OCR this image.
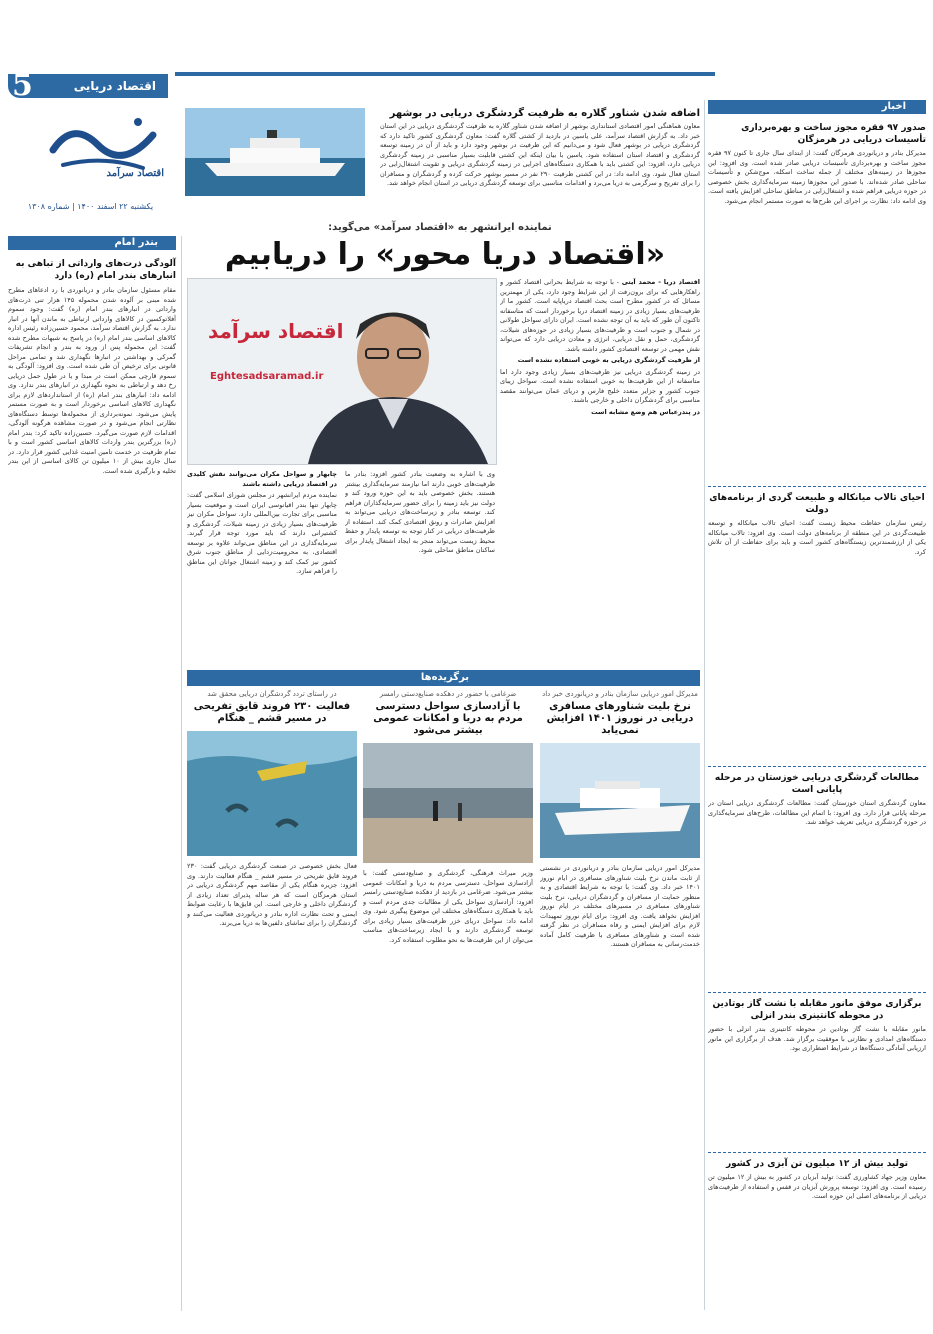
5	اقتصاد دریایی
اقتصاد سرآمد
یکشنبه ۲۲ اسفند ۱۴۰۰ | شماره ۱۳۰۸
اضافه شدن شناور گلاره به ظرفیت گردشگری دریایی در بوشهر
معاون هماهنگی امور اقتصادی استانداری بوشهر از اضافه شدن شناور گلاره به ظرفیت گردشگری دریایی در این استان خبر داد. به گزارش اقتصاد سرآمد، علی یاسین در بازدید از کشتی گلاره گفت: معاون گردشگری کشور تاکید دارد که گردشگری دریایی در بوشهر فعال شود و می‌دانیم که این ظرفیت در بوشهر وجود دارد و باید از آن در زمینه توسعه گردشگری و اقتصاد استان استفاده شود. یاسین با بیان اینکه این کشتی قابلیت بسیار مناسبی در زمینه گردشگری دریایی دارد، افزود: این کشتی باید با همکاری دستگاه‌های اجرایی در زمینه گردشگری دریایی و تقویت اشتغال‌زایی در استان فعال شود. وی ادامه داد: در این کشتی ظرفیت ۲۹۰ نفر در مسیر بوشهر حرکت کرده و گردشگران و مسافران را برای تفریح و سرگرمی به دریا می‌برد و اقدامات مناسبی برای توسعه گردشگری دریایی در استان انجام خواهد شد.
نماینده ایرانشهر به «اقتصاد سرآمد» می‌گوید:
«اقتصاد دریا محور» را دریابیم
اقتصاد سرآمد
Eghtesadsaramad.ir

اقتصاد دریا - محمد آیتی - با توجه به شرایط بحرانی اقتصاد کشور و راهکارهایی که برای برون‌رفت از این شرایط وجود دارد، یکی از مهمترین مسائل که در کشور مطرح است بحث اقتصاد دریاپایه است. کشور ما از ظرفیت‌های بسیار زیادی در زمینه اقتصاد دریا برخوردار است که متاسفانه تاکنون آن طور که باید به آن توجه نشده است. ایران دارای سواحل طولانی در شمال و جنوب است و ظرفیت‌های بسیار زیادی در حوزه‌های شیلات، گردشگری، حمل و نقل دریایی، انرژی و معادن دریایی دارد که می‌تواند نقش مهمی در توسعه اقتصادی کشور داشته باشد.

از ظرفیت گردشگری دریایی به خوبی استفاده نشده است

در زمینه گردشگری دریایی نیز ظرفیت‌های بسیار زیادی وجود دارد اما متاسفانه از این ظرفیت‌ها به خوبی استفاده نشده است. سواحل زیبای جنوب کشور و جزایر متعدد خلیج فارس و دریای عمان می‌توانند مقصد مناسبی برای گردشگران داخلی و خارجی باشند.

در پندرعباس هم وضع مشابه است

وی با اشاره به وضعیت بنادر کشور افزود: بنادر ما ظرفیت‌های خوبی دارند اما نیازمند سرمایه‌گذاری بیشتر هستند. بخش خصوصی باید به این حوزه ورود کند و دولت نیز باید زمینه را برای حضور سرمایه‌گذاران فراهم کند. توسعه بنادر و زیرساخت‌های دریایی می‌تواند به افزایش صادرات و رونق اقتصادی کمک کند. استفاده از ظرفیت‌های دریایی در کنار توجه به توسعه پایدار و حفظ محیط زیست می‌تواند منجر به ایجاد اشتغال پایدار برای ساکنان مناطق ساحلی شود.

چابهار و سواحل مکران می‌توانند نقش کلیدی در اقتصاد دریایی داشته باشند

نماینده مردم ایرانشهر در مجلس شورای اسلامی گفت: چابهار تنها بندر اقیانوسی ایران است و موقعیت بسیار مناسبی برای تجارت بین‌المللی دارد. سواحل مکران نیز ظرفیت‌های بسیار زیادی در زمینه شیلات، گردشگری و کشتیرانی دارند که باید مورد توجه قرار گیرند. سرمایه‌گذاری در این مناطق می‌تواند علاوه بر توسعه اقتصادی، به محرومیت‌زدایی از مناطق جنوب شرق کشور نیز کمک کند و زمینه اشتغال جوانان این مناطق را فراهم سازد.

برگزیده‌ها
مدیرکل امور دریایی سازمان بنادر و دریانوردی خبر داد
نرخ بلیت شناورهای مسافری دریایی در نوروز ۱۴۰۱ افزایش نمی‌یابد
مدیرکل امور دریایی سازمان بنادر و دریانوردی در نشستی از ثابت ماندن نرخ بلیت شناورهای مسافری در ایام نوروز ۱۴۰۱ خبر داد. وی گفت: با توجه به شرایط اقتصادی و به منظور حمایت از مسافران و گردشگران دریایی، نرخ بلیت شناورهای مسافری در مسیرهای مختلف در ایام نوروز افزایش نخواهد یافت. وی افزود: برای ایام نوروز تمهیدات لازم برای افزایش ایمنی و رفاه مسافران در نظر گرفته شده است و شناورهای مسافری با ظرفیت کامل آماده خدمت‌رسانی به مسافران هستند.
ضرغامی با حضور در دهکده صنایع‌دستی رامسر
با آزادسازی سواحل دسترسی مردم به دریا و امکانات عمومی بیشتر می‌شود
وزیر میراث فرهنگی، گردشگری و صنایع‌دستی گفت: با آزادسازی سواحل، دسترسی مردم به دریا و امکانات عمومی بیشتر می‌شود. ضرغامی در بازدید از دهکده صنایع‌دستی رامسر افزود: آزادسازی سواحل یکی از مطالبات جدی مردم است و باید با همکاری دستگاه‌های مختلف این موضوع پیگیری شود. وی ادامه داد: سواحل دریای خزر ظرفیت‌های بسیار زیادی برای توسعه گردشگری دارند و با ایجاد زیرساخت‌های مناسب می‌توان از این ظرفیت‌ها به نحو مطلوب استفاده کرد.
در راستای تردد گردشگران دریایی محقق شد
فعالیت ۲۳۰ فروند قایق تفریحی در مسیر قشم _ هنگام
فعال بخش خصوصی در صنعت گردشگری دریایی گفت: ۲۳۰ فروند قایق تفریحی در مسیر قشم _ هنگام فعالیت دارند. وی افزود: جزیره هنگام یکی از مقاصد مهم گردشگری دریایی در استان هرمزگان است که هر ساله پذیرای تعداد زیادی از گردشگران داخلی و خارجی است. این قایق‌ها با رعایت ضوابط ایمنی و تحت نظارت اداره بنادر و دریانوردی فعالیت می‌کنند و گردشگران را برای تماشای دلفین‌ها به دریا می‌برند.
اخبار
صدور ۹۷ فقره مجوز ساخت و بهره‌برداری تأسیسات دریایی در هرمزگان
مدیرکل بنادر و دریانوردی هرمزگان گفت: از ابتدای سال جاری تا کنون ۹۷ فقره مجوز ساخت و بهره‌برداری تأسیسات دریایی صادر شده است. وی افزود: این مجوزها در زمینه‌های مختلف از جمله ساخت اسکله، موج‌شکن و تأسیسات ساحلی صادر شده‌اند. با صدور این مجوزها زمینه سرمایه‌گذاری بخش خصوصی در حوزه دریایی فراهم شده و اشتغال‌زایی در مناطق ساحلی افزایش یافته است. وی ادامه داد: نظارت بر اجرای این طرح‌ها به صورت مستمر انجام می‌شود.
احیای تالاب میانکاله و طبیعت گردی از برنامه‌های دولت
رئیس سازمان حفاظت محیط زیست گفت: احیای تالاب میانکاله و توسعه طبیعت‌گردی در این منطقه از برنامه‌های دولت است. وی افزود: تالاب میانکاله یکی از ارزشمندترین زیستگاه‌های کشور است و باید برای حفاظت از آن تلاش کرد.
مطالعات گردشگری دریایی خوزستان در مرحله پایانی است
معاون گردشگری استان خوزستان گفت: مطالعات گردشگری دریایی استان در مرحله پایانی قرار دارد. وی افزود: با اتمام این مطالعات، طرح‌های سرمایه‌گذاری در حوزه گردشگری دریایی تعریف خواهد شد.
برگزاری موفق مانور مقابله با نشت گاز بوتادین در محوطه کانتینری بندر انزلی
مانور مقابله با نشت گاز بوتادین در محوطه کانتینری بندر انزلی با حضور دستگاه‌های امدادی و نظارتی با موفقیت برگزار شد. هدف از برگزاری این مانور ارزیابی آمادگی دستگاه‌ها در شرایط اضطراری بود.
تولید بیش از ۱۲ میلیون تن آبزی در کشور
معاون وزیر جهاد کشاورزی گفت: تولید آبزیان در کشور به بیش از ۱۲ میلیون تن رسیده است. وی افزود: توسعه پرورش آبزیان در قفس و استفاده از ظرفیت‌های دریایی از برنامه‌های اصلی این حوزه است.
بندر امام
آلودگی ذرت‌های وارداتی از تباهی به انبارهای بندر امام (ره) دارد
مقام مسئول سازمان بنادر و دریانوردی با رد ادعاهای مطرح شده مبنی بر آلوده شدن محموله ۱۴۵ هزار تنی ذرت‌های وارداتی در انبارهای بندر امام (ره) گفت: وجود سموم آفلاتوکسین در کالاهای وارداتی ارتباطی به ماندن آنها در انبار ندارد. به گزارش اقتصاد سرآمد، محمود حسین‌زاده رئیس اداره کالاهای اساسی بندر امام (ره) در پاسخ به شبهات مطرح شده گفت: این محموله پس از ورود به بندر و انجام تشریفات گمرکی و بهداشتی در انبارها نگهداری شد و تمامی مراحل قانونی برای ترخیص آن طی شده است. وی افزود: آلودگی به سموم قارچی ممکن است در مبدا و یا در طول حمل دریایی رخ دهد و ارتباطی به نحوه نگهداری در انبارهای بندر ندارد. وی ادامه داد: انبارهای بندر امام (ره) از استانداردهای لازم برای نگهداری کالاهای اساسی برخوردار است و به صورت مستمر پایش می‌شود. نمونه‌برداری از محموله‌ها توسط دستگاه‌های نظارتی انجام می‌شود و در صورت مشاهده هرگونه آلودگی، اقدامات لازم صورت می‌گیرد. حسین‌زاده تاکید کرد: بندر امام (ره) بزرگترین بندر واردات کالاهای اساسی کشور است و با تمام ظرفیت در خدمت تامین امنیت غذایی کشور قرار دارد. در سال جاری بیش از ۱۰ میلیون تن کالای اساسی از این بندر تخلیه و بارگیری شده است.
